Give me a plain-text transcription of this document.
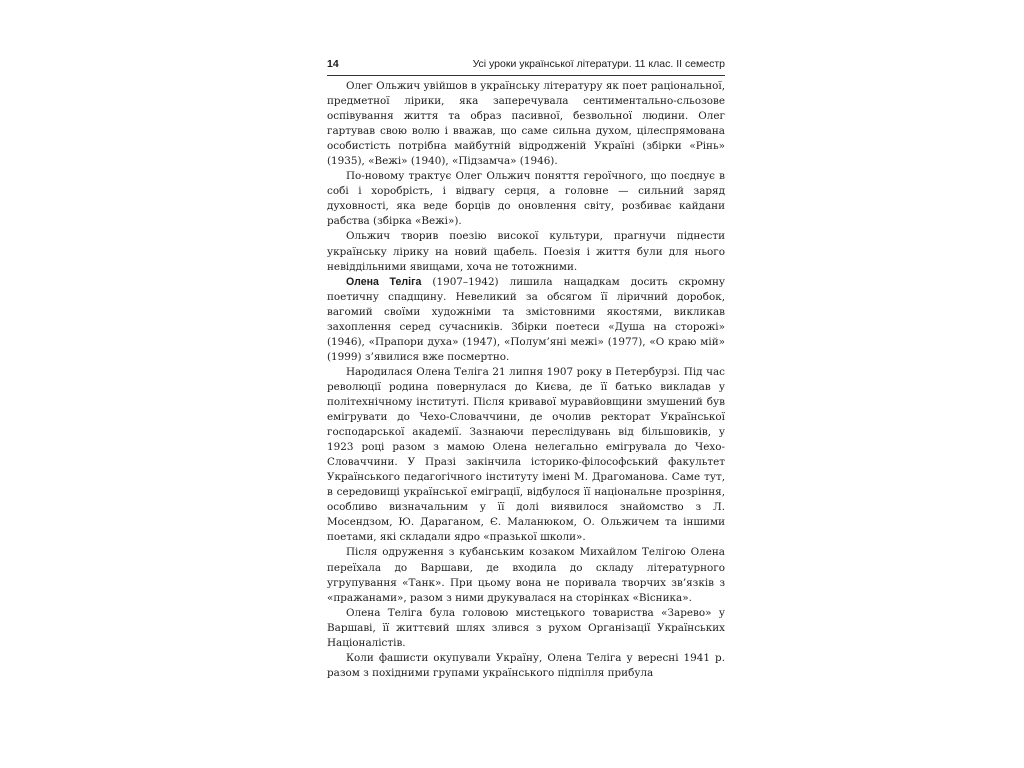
14	Усі уроки української літератури. 11 клас. ІІ семестр

Олег Ольжич увійшов в українську літературу як поет раціональної, предметної лірики, яка заперечувала сентиментально-сльозове оспівування життя та образ пасивної, безвольної людини. Олег гартував свою волю і вважав, що саме сильна духом, цілеспрямована особистість потрібна майбутній відродженій Україні (збірки «Рінь» (1935), «Вежі» (1940), «Підзамча» (1946).

По-новому трактує Олег Ольжич поняття героїчного, що поєднує в собі і хоробрість, і відвагу серця, а головне — сильний заряд духовності, яка веде борців до оновлення світу, розбиває кайдани рабства (збірка «Вежі»).

Ольжич творив поезію високої культури, прагнучи піднести українську лірику на новий щабель. Поезія і життя були для нього невіддільними явищами, хоча не тотожними.

Олена Теліга (1907–1942) лишила нащадкам досить скромну поетичну спадщину. Невеликий за обсягом її ліричний доробок, вагомий своїми художніми та змістовними якостями, викликав захоплення серед сучасників. Збірки поетеси «Душа на сторожі» (1946), «Прапори духа» (1947), «Полум’яні межі» (1977), «О краю мій» (1999) з’явилися вже посмертно.

Народилася Олена Теліга 21 липня 1907 року в Петербурзі. Під час революції родина повернулася до Києва, де її батько викладав у політехнічному інституті. Після кривавої муравйовщини змушений був емігрувати до Чехо-Словаччини, де очолив ректорат Української господарської академії. Зазнаючи переслідувань від більшовиків, у 1923 році разом з мамою Олена нелегально емігрувала до Чехо-Словаччини. У Празі закінчила історико-філософський факультет Українського педагогічного інституту імені М. Драгоманова. Саме тут, в середовищі української еміграції, відбулося її національне прозріння, особливо визначальним у її долі виявилося знайомство з Л. Мосендзом, Ю. Дараганом, Є. Маланюком, О. Ольжичем та іншими поетами, які складали ядро «празької школи».

Після одруження з кубанським козаком Михайлом Телігою Олена переїхала до Варшави, де входила до складу літературного угрупування «Танк». При цьому вона не поривала творчих зв’язків з «пражанами», разом з ними друкувалася на сторінках «Вісника».

Олена Теліга була головою мистецького товариства «Зарево» у Варшаві, її життєвий шлях злився з рухом Організації Українських Націоналістів.

Коли фашисти окупували Україну, Олена Теліга у вересні 1941 р. разом з похідними групами українського підпілля прибула
